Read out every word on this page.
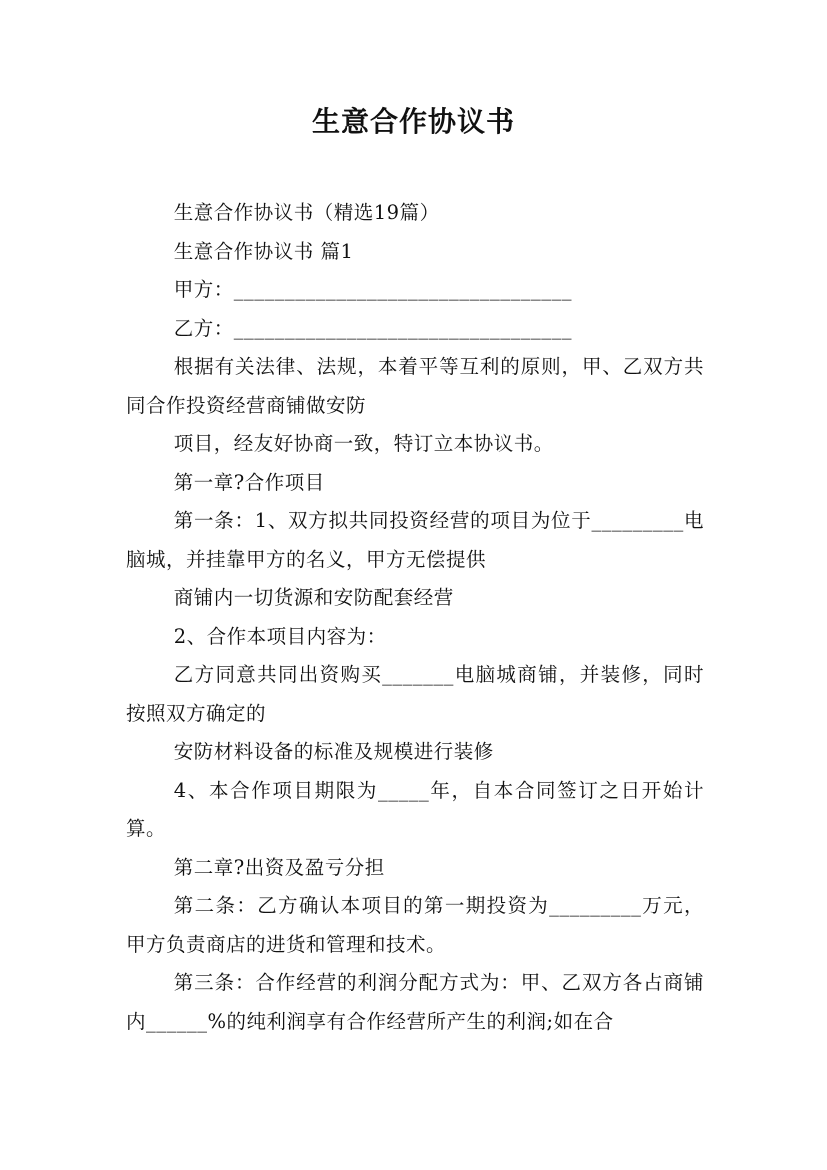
生意合作协议书

生意合作协议书（精选19篇）

生意合作协议书 篇1

甲方：_________________________________

乙方：_________________________________

根据有关法律、法规，本着平等互利的原则，甲、乙双方共同合作投资经营商铺做安防

项目，经友好协商一致，特订立本协议书。

第一章?合作项目

第一条：1、双方拟共同投资经营的项目为位于_________电脑城，并挂靠甲方的名义，甲方无偿提供

商铺内一切货源和安防配套经营

2、合作本项目内容为：

乙方同意共同出资购买_______电脑城商铺，并装修，同时按照双方确定的

安防材料设备的标准及规模进行装修

4、本合作项目期限为_____年，自本合同签订之日开始计算。

第二章?出资及盈亏分担

第二条：乙方确认本项目的第一期投资为_________万元，甲方负责商店的进货和管理和技术。

第三条：合作经营的利润分配方式为：甲、乙双方各占商铺内______%的纯利润享有合作经营所产生的利润;如在合
